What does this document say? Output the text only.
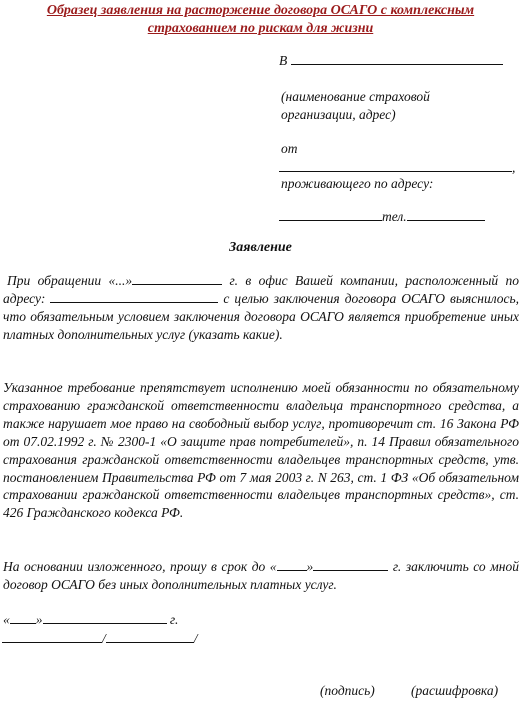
Образец заявления на расторжение договора ОСАГО с комплексным
страхованием по рискам для жизни
В
(наименование страховой
организации, адрес)
от
,
проживающего по адресу:
тел.
Заявление

При обращении «...»	г. в офис Вашей компании, расположенный по адресу:	с целью заключения договора ОСАГО выяснилось, что обязательным условием заключения договора ОСАГО является приобретение иных платных дополнительных услуг (указать какие).

Указанное требование препятствует исполнению моей обязанности по обязательному страхованию гражданской ответственности владельца транспортного средства, а также нарушает мое право на свободный выбор услуг, противоречит ст. 16 Закона РФ от 07.02.1992 г. № 2300-1 «О защите прав потребителей», п. 14 Правил обязательного страхования гражданской ответственности владельцев транспортных средств, утв. постановлением Правительства РФ от 7 мая 2003 г. N 263, ст. 1 ФЗ «Об обязательном страховании гражданской ответственности владельцев транспортных средств», ст. 426 Гражданского кодекса РФ.

На основании изложенного, прошу в срок до « »	г. заключить со мной договор ОСАГО без иных дополнительных платных услуг.

« »	г.
/	/
(подпись)	(расшифровка)
